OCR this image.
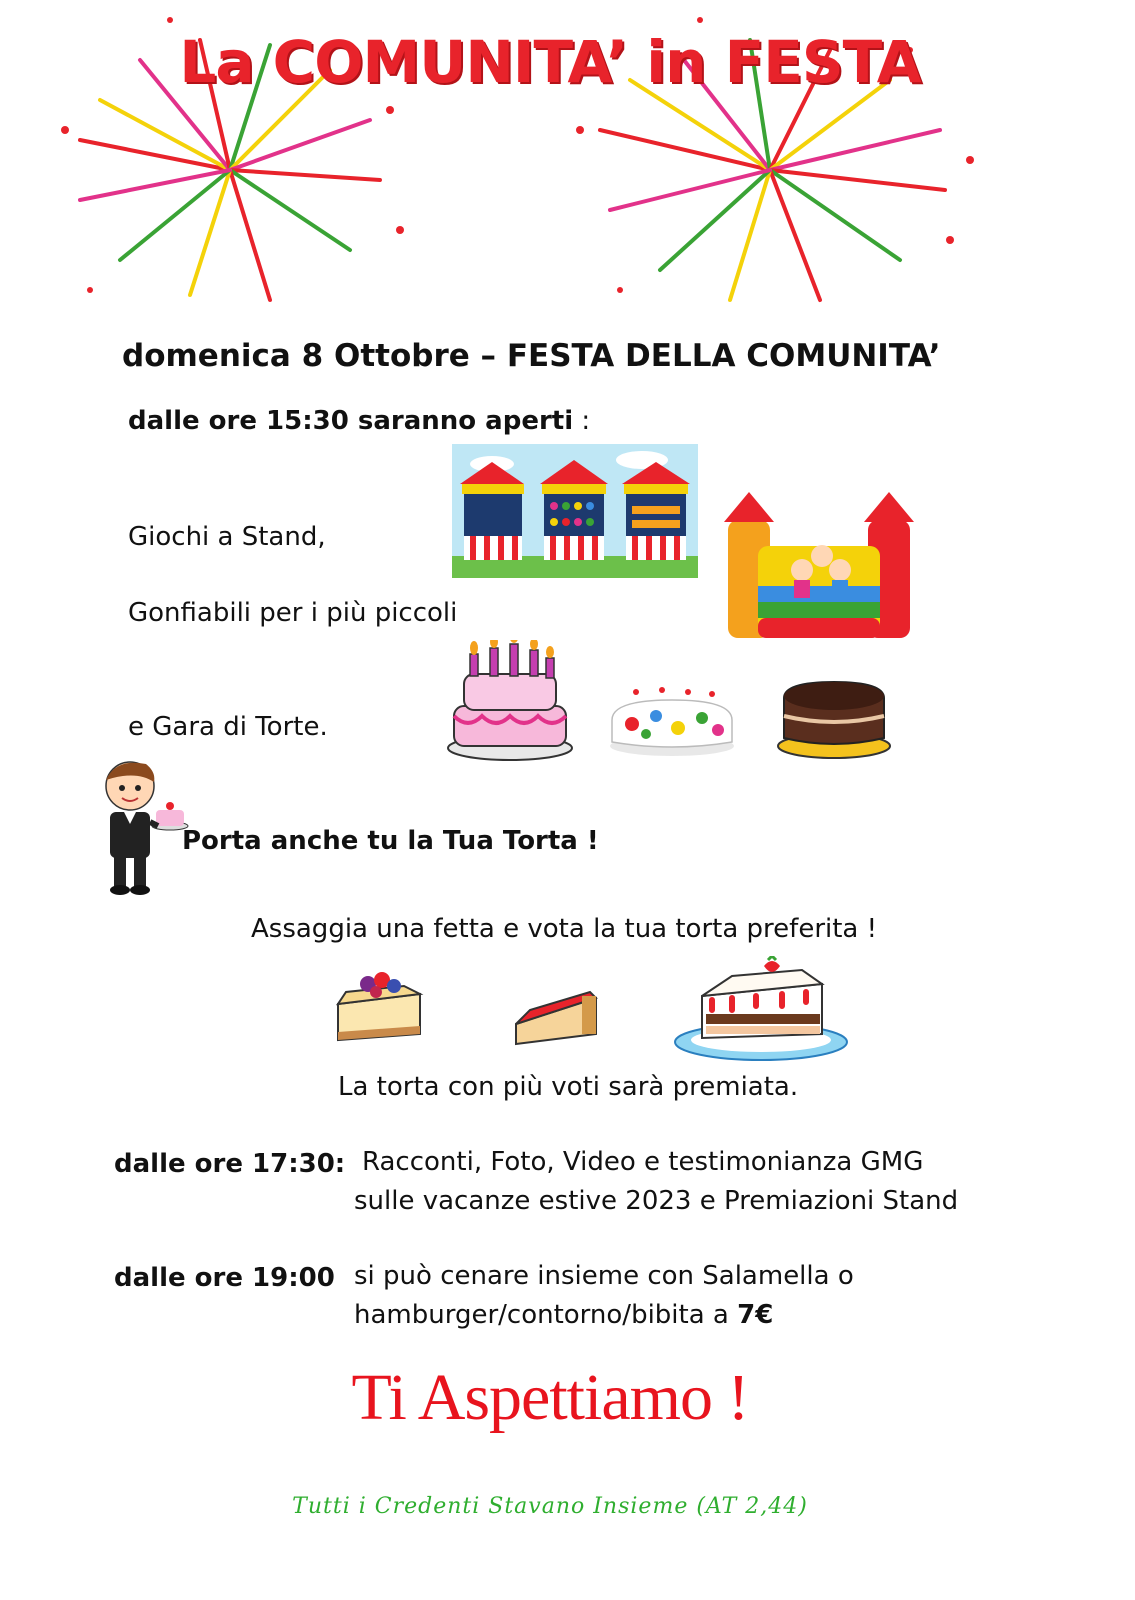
La COMUNITA’ in FESTA
domenica 8 Ottobre – FESTA DELLA COMUNITA’
dalle ore 15:30 saranno aperti :
Giochi a Stand,
Gonfiabili per i più piccoli
e Gara di Torte.
Porta anche tu la Tua Torta !
Assaggia una fetta e vota la tua torta preferita !
La torta con più voti sarà premiata.
dalle ore 17:30: Racconti, Foto, Video e testimonianza GMG
sulle vacanze estive 2023 e Premiazioni Stand
dalle ore 19:00 si può cenare insieme con Salamella o
hamburger/contorno/bibita a 7€
Ti Aspettiamo !
Tutti i Credenti Stavano Insieme (AT 2,44)
